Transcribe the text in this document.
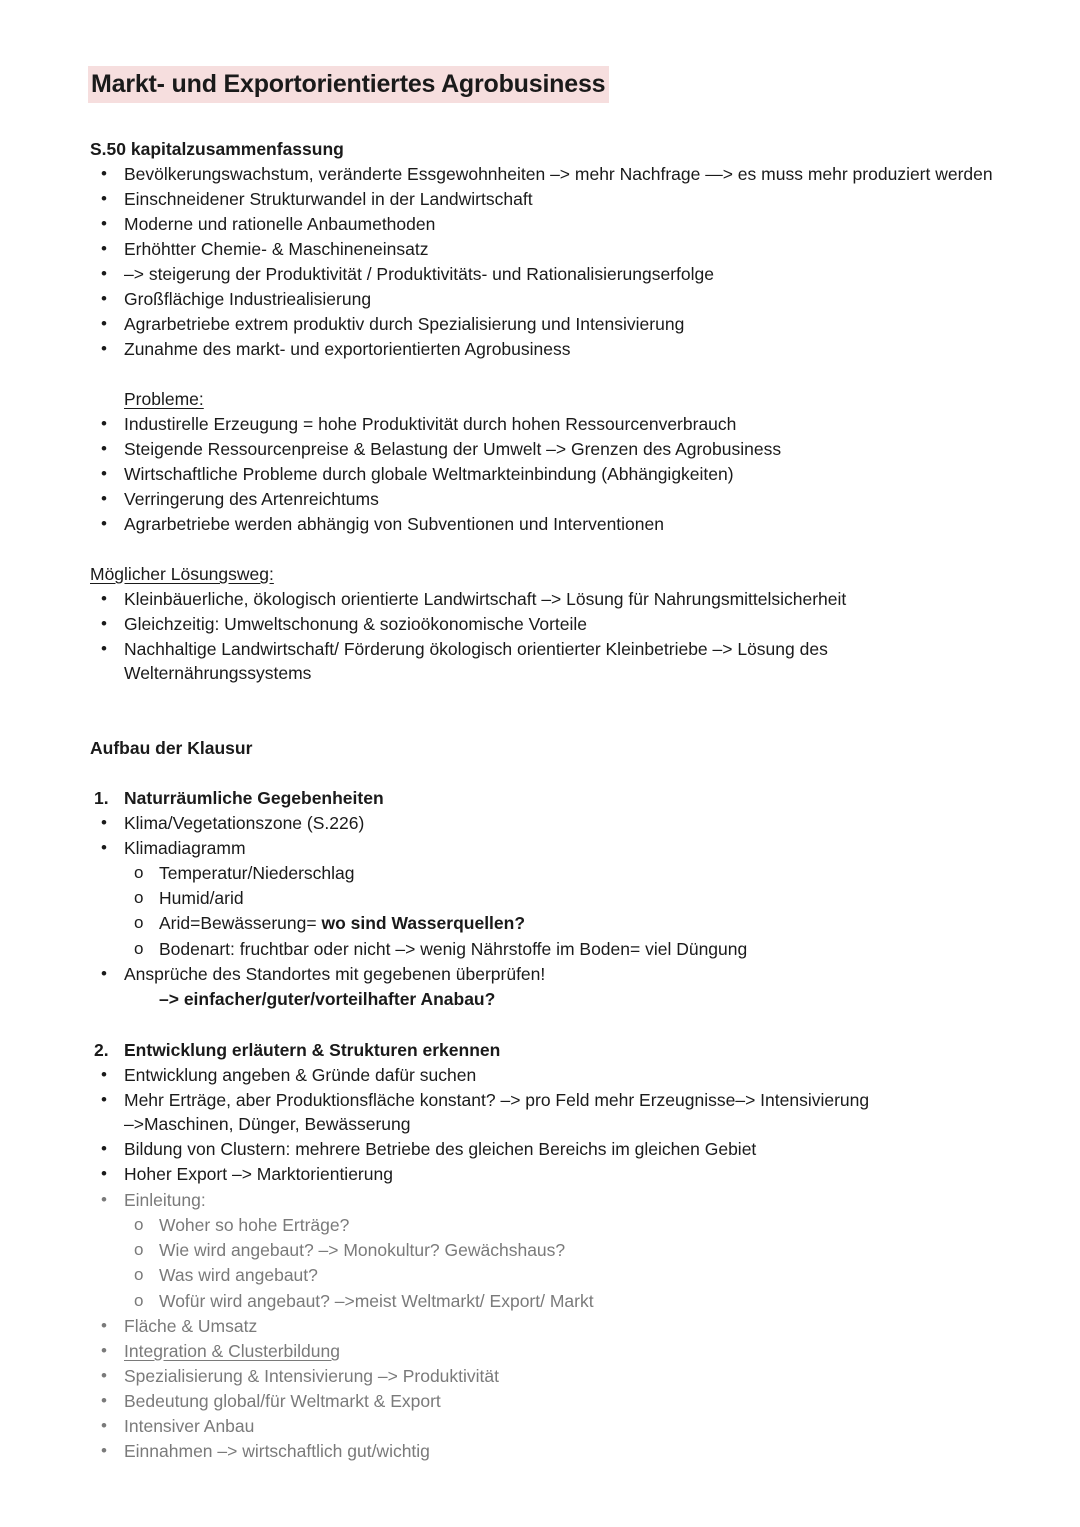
Markt- und Exportorientiertes Agrobusiness
S.50 kapitalzusammenfassung
• Bevölkerungswachstum, veränderte Essgewohnheiten –> mehr Nachfrage —> es muss mehr produziert werden
• Einschneidener Strukturwandel in der Landwirtschaft
• Moderne und rationelle Anbaumethoden
• Erhöhtter Chemie- & Maschineneinsatz
• –> steigerung der Produktivität / Produktivitäts- und Rationalisierungserfolge
• Großflächige Industriealisierung
• Agrarbetriebe extrem produktiv durch Spezialisierung und Intensivierung
• Zunahme des markt- und exportorientierten Agrobusiness
Probleme:
• Industirelle Erzeugung = hohe Produktivität durch hohen Ressourcenverbrauch
• Steigende Ressourcenpreise & Belastung der Umwelt –> Grenzen des Agrobusiness
• Wirtschaftliche Probleme durch globale Weltmarkteinbindung (Abhängigkeiten)
• Verringerung des Artenreichtums
• Agrarbetriebe werden abhängig von Subventionen und Interventionen
Möglicher Lösungsweg:
• Kleinbäuerliche, ökologisch orientierte Landwirtschaft –> Lösung für Nahrungsmittelsicherheit
• Gleichzeitig: Umweltschonung & sozioökonomische Vorteile
• Nachhaltige Landwirtschaft/ Förderung ökologisch orientierter Kleinbetriebe –> Lösung des
Welternährungssystems
Aufbau der Klausur
1. Naturräumliche Gegebenheiten
• Klima/Vegetationszone (S.226)
• Klimadiagramm
o Temperatur/Niederschlag
o Humid/arid
o Arid=Bewässerung= wo sind Wasserquellen?
o Bodenart: fruchtbar oder nicht –> wenig Nährstoffe im Boden= viel Düngung
• Ansprüche des Standortes mit gegebenen überprüfen!
–> einfacher/guter/vorteilhafter Anabau?
2. Entwicklung erläutern & Strukturen erkennen
• Entwicklung angeben & Gründe dafür suchen
• Mehr Erträge, aber Produktionsfläche konstant? –> pro Feld mehr Erzeugnisse–> Intensivierung
–>Maschinen, Dünger, Bewässerung
• Bildung von Clustern: mehrere Betriebe des gleichen Bereichs im gleichen Gebiet
• Hoher Export –> Marktorientierung
• Einleitung:
o Woher so hohe Erträge?
o Wie wird angebaut? –> Monokultur? Gewächshaus?
o Was wird angebaut?
o Wofür wird angebaut? –>meist Weltmarkt/ Export/ Markt
• Fläche & Umsatz
• Integration & Clusterbildung
• Spezialisierung & Intensivierung –> Produktivität
• Bedeutung global/für Weltmarkt & Export
• Intensiver Anbau
• Einnahmen –> wirtschaftlich gut/wichtig
